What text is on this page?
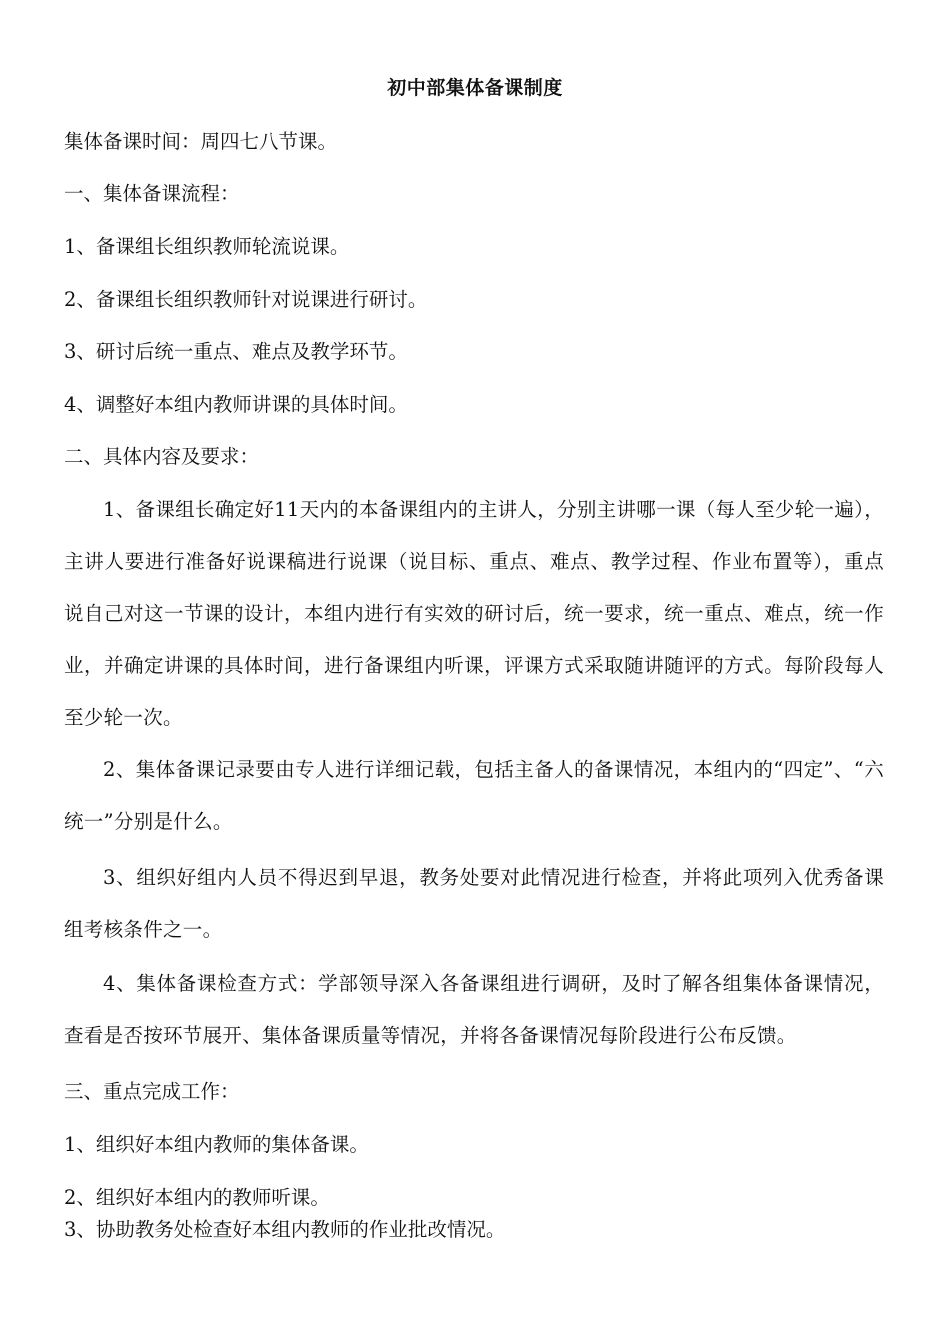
初中部集体备课制度
集体备课时间：周四七八节课。
一、集体备课流程：
1、备课组长组织教师轮流说课。
2、备课组长组织教师针对说课进行研讨。
3、研讨后统一重点、难点及教学环节。
4、调整好本组内教师讲课的具体时间。
二、具体内容及要求：
1、备课组长确定好11天内的本备课组内的主讲人，分别主讲哪一课（每人至少轮一遍），主讲人要进行准备好说课稿进行说课（说目标、重点、难点、教学过程、作业布置等），重点说自己对这一节课的设计，本组内进行有实效的研讨后，统一要求，统一重点、难点，统一作业，并确定讲课的具体时间，进行备课组内听课，评课方式采取随讲随评的方式。每阶段每人至少轮一次。
2、集体备课记录要由专人进行详细记载，包括主备人的备课情况，本组内的“四定”、“六统一”分别是什么。
3、组织好组内人员不得迟到早退，教务处要对此情况进行检查，并将此项列入优秀备课组考核条件之一。
4、集体备课检查方式：学部领导深入各备课组进行调研，及时了解各组集体备课情况，查看是否按环节展开、集体备课质量等情况，并将各备课情况每阶段进行公布反馈。
三、重点完成工作：
1、组织好本组内教师的集体备课。
2、组织好本组内的教师听课。
3、协助教务处检查好本组内教师的作业批改情况。
